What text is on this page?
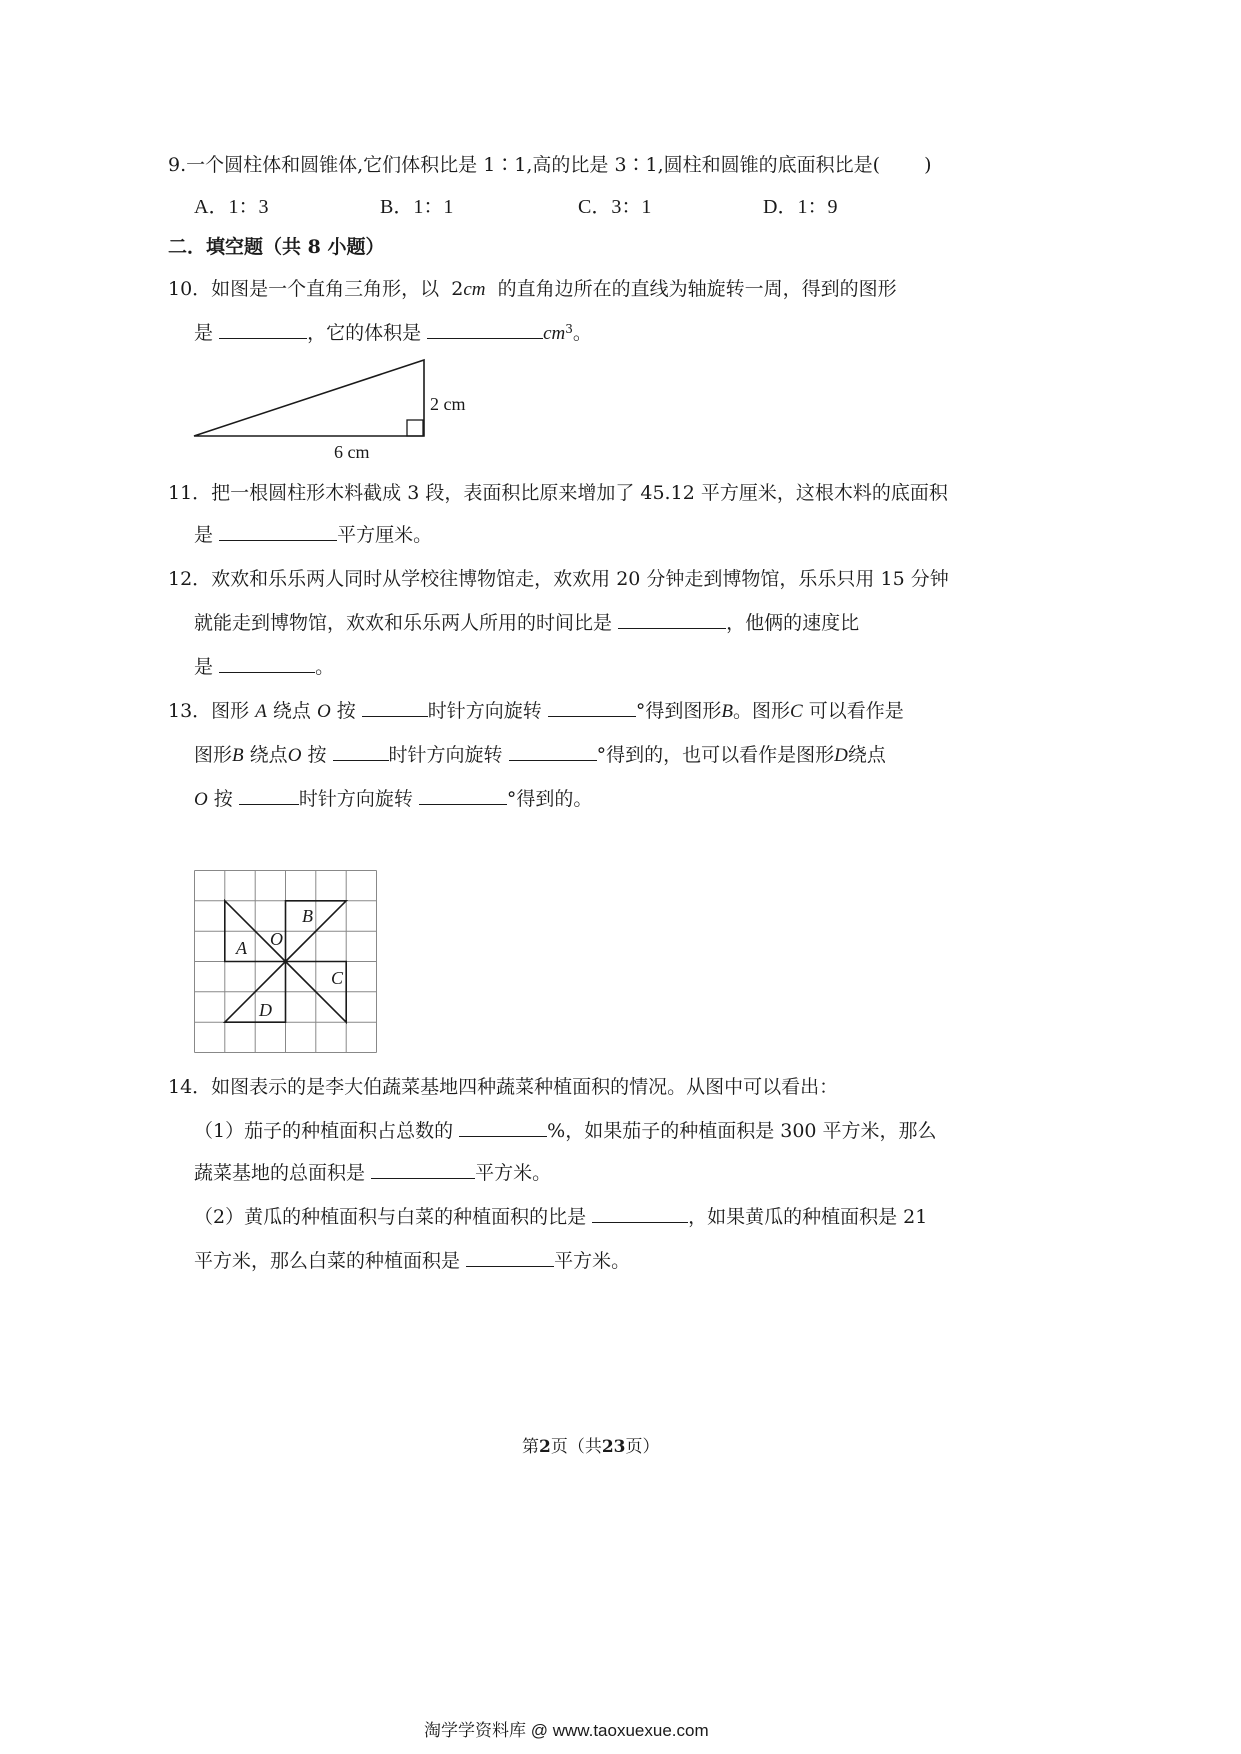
9.一个圆柱体和圆锥体,它们体积比是 1∶1,高的比是 3∶1,圆柱和圆锥的底面积比是( )
A．1：3	B．1：1	C．3：1	D．1：9
二．填空题（共 8 小题）
10．如图是一个直角三角形，以 2cm 的直角边所在的直线为轴旋转一周，得到的图形
是	，它的体积是	$cm^3$。
2 cm
6 cm
11．把一根圆柱形木料截成 3 段，表面积比原来增加了 45.12 平方厘米，这根木料的底面积
是	平方厘米。
12．欢欢和乐乐两人同时从学校往博物馆走，欢欢用 20 分钟走到博物馆，乐乐只用 15 分钟
就能走到博物馆，欢欢和乐乐两人所用的时间比是	，他俩的速度比
是	。
13．图形 A 绕点 O 按	时针方向旋转	°得到图形B。图形C 可以看作是
图形B 绕点O 按	时针方向旋转	°得到的，也可以看作是图形D绕点
O 按	时针方向旋转	°得到的。
A
B
C
D
O
14．如图表示的是李大伯蔬菜基地四种蔬菜种植面积的情况。从图中可以看出：
（1）茄子的种植面积占总数的	%，如果茄子的种植面积是 300 平方米，那么
蔬菜基地的总面积是	平方米。
（2）黄瓜的种植面积与白菜的种植面积的比是	，如果黄瓜的种植面积是 21
平方米，那么白菜的种植面积是	平方米。
第2页（共23页）
淘学学资料库 @ www.taoxuexue.com
